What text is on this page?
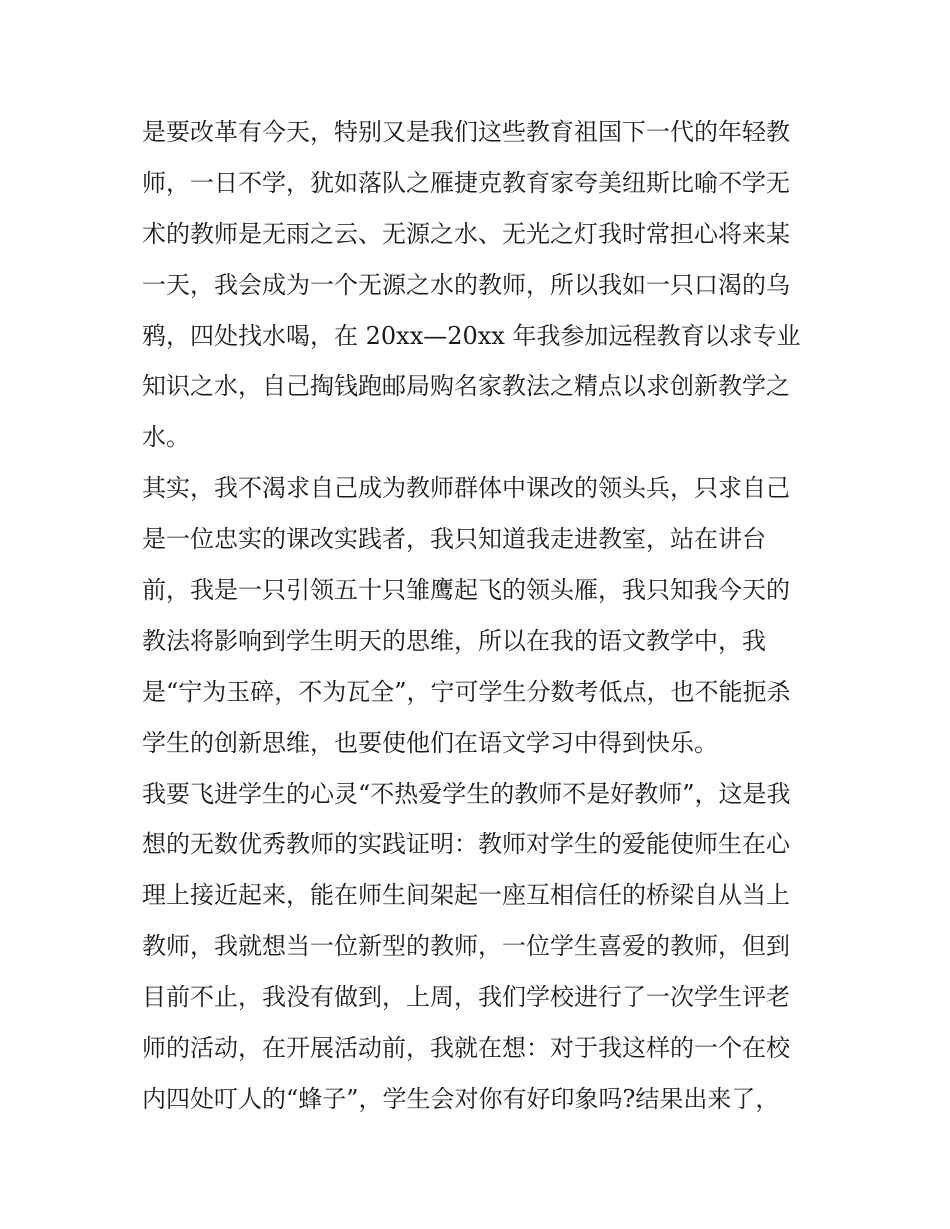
是要改革有今天，特别又是我们这些教育祖国下一代的年轻教
师，一日不学，犹如落队之雁捷克教育家夸美纽斯比喻不学无
术的教师是无雨之云、无源之水、无光之灯我时常担心将来某
一天，我会成为一个无源之水的教师，所以我如一只口渴的乌
鸦，四处找水喝，在 20xx—20xx 年我参加远程教育以求专业
知识之水，自己掏钱跑邮局购名家教法之精点以求创新教学之
水。
其实，我不渴求自己成为教师群体中课改的领头兵，只求自己
是一位忠实的课改实践者，我只知道我走进教室，站在讲台
前，我是一只引领五十只雏鹰起飞的领头雁，我只知我今天的
教法将影响到学生明天的思维，所以在我的语文教学中，我
是“宁为玉碎，不为瓦全”，宁可学生分数考低点，也不能扼杀
学生的创新思维，也要使他们在语文学习中得到快乐。
我要飞进学生的心灵“不热爱学生的教师不是好教师”，这是我
想的无数优秀教师的实践证明：教师对学生的爱能使师生在心
理上接近起来，能在师生间架起一座互相信任的桥梁自从当上
教师，我就想当一位新型的教师，一位学生喜爱的教师，但到
目前不止，我没有做到，上周，我们学校进行了一次学生评老
师的活动，在开展活动前，我就在想：对于我这样的一个在校
内四处叮人的“蜂子”，学生会对你有好印象吗?结果出来了，
